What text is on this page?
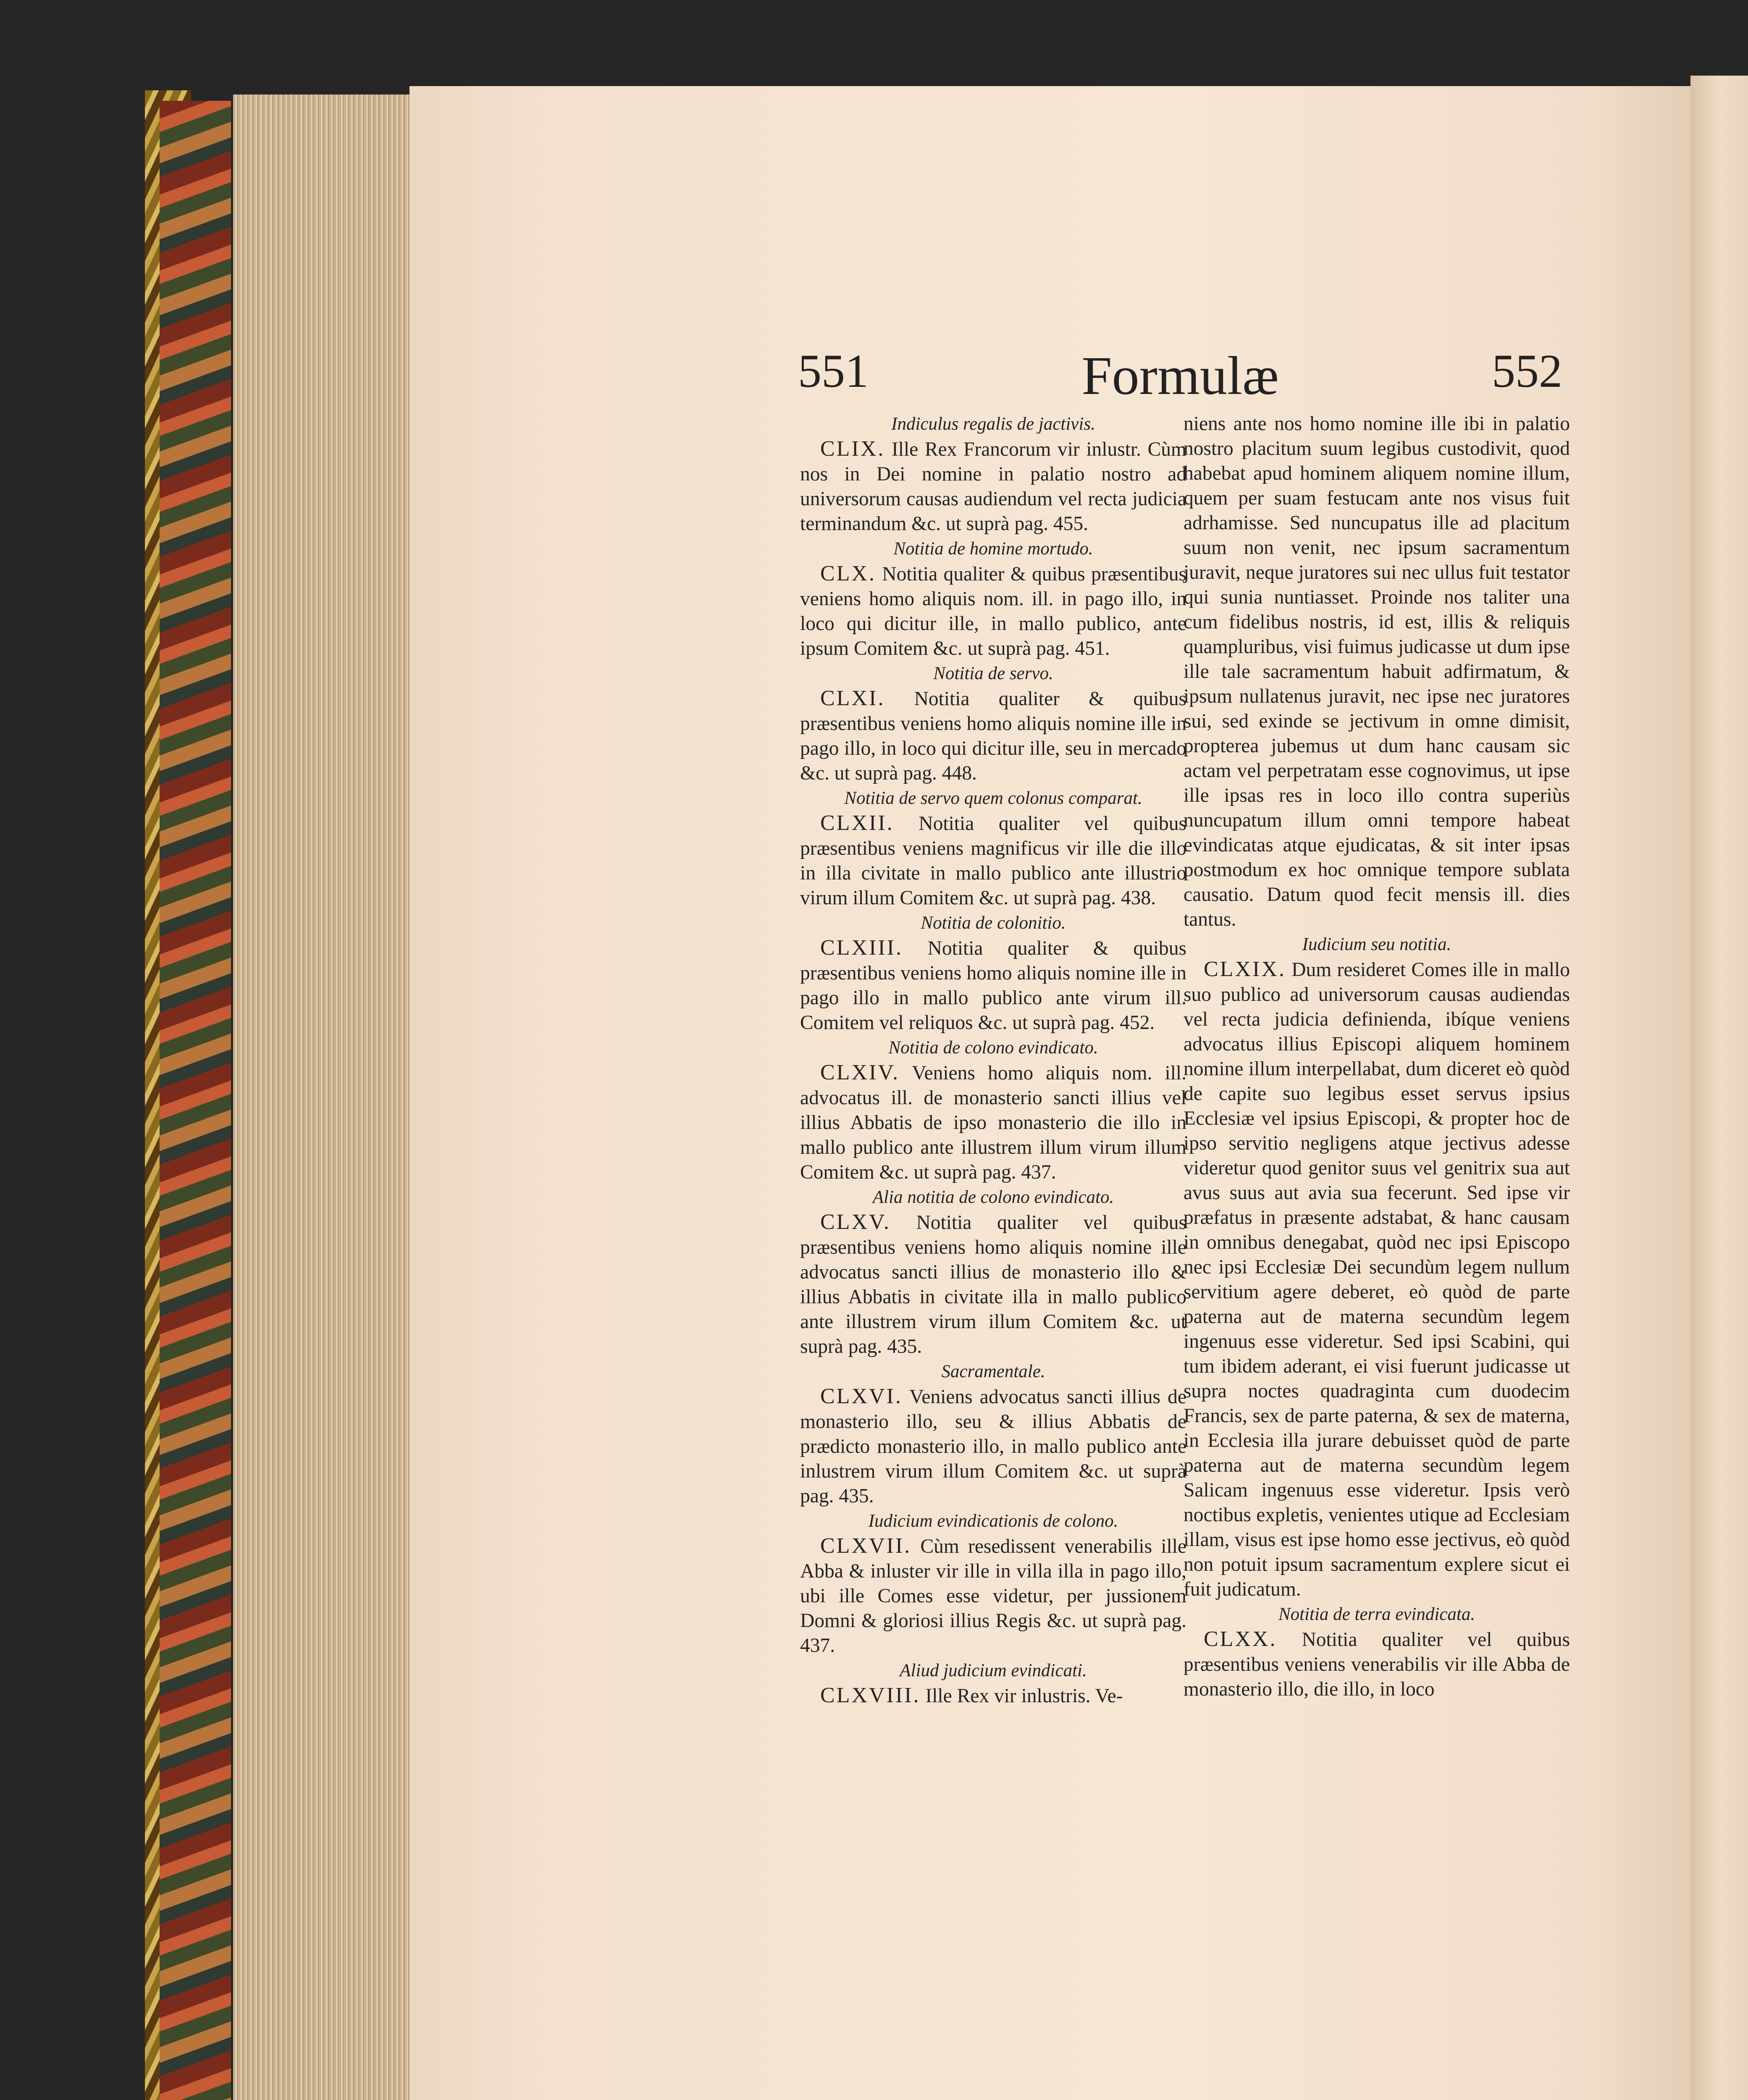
551	Formulæ	552

Indiculus regalis de jactivis.

CLIX. Ille Rex Francorum vir inlustr. Cùm nos in Dei nomine in palatio nostro ad universorum causas audiendum vel recta judicia terminandum &c. ut suprà pag. 455.

Notitia de homine mortudo.

CLX. Notitia qualiter & quibus præsentibus veniens homo aliquis nom. ill. in pago illo, in loco qui dicitur ille, in mallo publico, ante ipsum Comitem &c. ut suprà pag. 451.

Notitia de servo.

CLXI. Notitia qualiter & quibus præsentibus veniens homo aliquis nomine ille in pago illo, in loco qui dicitur ille, seu in mercado &c. ut suprà pag. 448.

Notitia de servo quem colonus comparat.

CLXII. Notitia qualiter vel quibus præsentibus veniens magnificus vir ille die illo in illa civitate in mallo publico ante illustrio virum illum Comitem &c. ut suprà pag. 438.

Notitia de colonitio.

CLXIII. Notitia qualiter & quibus præsentibus veniens homo aliquis nomine ille in pago illo in mallo publico ante virum ill. Comitem vel reliquos &c. ut suprà pag. 452.

Notitia de colono evindicato.

CLXIV. Veniens homo aliquis nom. ill. advocatus ill. de monasterio sancti illius vel illius Abbatis de ipso monasterio die illo in mallo publico ante illustrem illum virum illum Comitem &c. ut suprà pag. 437.

Alia notitia de colono evindicato.

CLXV. Notitia qualiter vel quibus præsentibus veniens homo aliquis nomine ille advocatus sancti illius de monasterio illo & illius Abbatis in civitate illa in mallo publico ante illustrem virum illum Comitem &c. ut suprà pag. 435.

Sacramentale.

CLXVI. Veniens advocatus sancti illius de monasterio illo, seu & illius Abbatis de prædicto monasterio illo, in mallo publico ante inlustrem virum illum Comitem &c. ut suprà pag. 435.

Iudicium evindicationis de colono.

CLXVII. Cùm resedissent venerabilis ille Abba & inluster vir ille in villa illa in pago illo, ubi ille Comes esse videtur, per jussionem Domni & gloriosi illius Regis &c. ut suprà pag. 437.

Aliud judicium evindicati.

CLXVIII. Ille Rex vir inlustris. Ve-

niens ante nos homo nomine ille ibi in palatio nostro placitum suum legibus custodivit, quod habebat apud hominem aliquem nomine illum, quem per suam festucam ante nos visus fuit adrhamisse. Sed nuncupatus ille ad placitum suum non venit, nec ipsum sacramentum juravit, neque juratores sui nec ullus fuit testator qui sunia nuntiasset. Proinde nos taliter una cum fidelibus nostris, id est, illis & reliquis quampluribus, visi fuimus judicasse ut dum ipse ille tale sacramentum habuit adfirmatum, & ipsum nullatenus juravit, nec ipse nec juratores sui, sed exinde se jectivum in omne dimisit, propterea jubemus ut dum hanc causam sic actam vel perpetratam esse cognovimus, ut ipse ille ipsas res in loco illo contra superiùs nuncupatum illum omni tempore habeat evindicatas atque ejudicatas, & sit inter ipsas postmodum ex hoc omnique tempore sublata causatio. Datum quod fecit mensis ill. dies tantus.

Iudicium seu notitia.

CLXIX. Dum resideret Comes ille in mallo suo publico ad universorum causas audiendas vel recta judicia definienda, ibíque veniens advocatus illius Episcopi aliquem hominem nomine illum interpellabat, dum diceret eò quòd de capite suo legibus esset servus ipsius Ecclesiæ vel ipsius Episcopi, & propter hoc de ipso servitio negligens atque jectivus adesse videretur quod genitor suus vel genitrix sua aut avus suus aut avia sua fecerunt. Sed ipse vir præfatus in præsente adstabat, & hanc causam in omnibus denegabat, quòd nec ipsi Episcopo nec ipsi Ecclesiæ Dei secundùm legem nullum servitium agere deberet, eò quòd de parte paterna aut de materna secundùm legem ingenuus esse videretur. Sed ipsi Scabini, qui tum ibidem aderant, ei visi fuerunt judicasse ut supra noctes quadraginta cum duodecim Francis, sex de parte paterna, & sex de materna, in Ecclesia illa jurare debuisset quòd de parte paterna aut de materna secundùm legem Salicam ingenuus esse videretur. Ipsis verò noctibus expletis, venientes utique ad Ecclesiam illam, visus est ipse homo esse jectivus, eò quòd non potuit ipsum sacramentum explere sicut ei fuit judicatum.

Notitia de terra evindicata.

CLXX. Notitia qualiter vel quibus præsentibus veniens venerabilis vir ille Abba de monasterio illo, die illo, in loco
